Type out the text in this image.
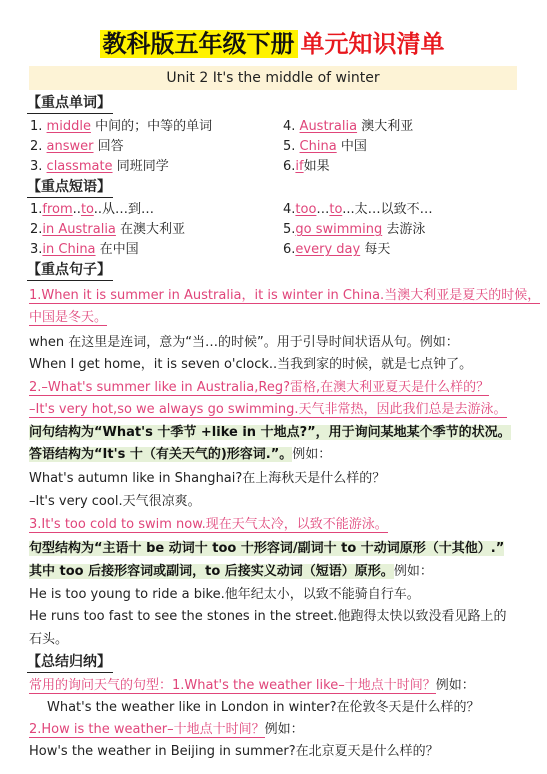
教科版五年级下册 单元知识清单
Unit 2 It's the middle of winter
【重点单词】
1. middle 中间的；中等的单词
2. answer 回答
3. classmate 同班同学
4. Australia 澳大利亚
5. China 中国
6.if如果
【重点短语】
1.from..to..从…到…
2.in Australia 在澳大利亚
3.in China 在中国
4.too…to...太…以致不…
5.go swimming 去游泳
6.every day 每天
【重点句子】
1.When it is summer in Australia，it is winter in China.当澳大利亚是夏天的时候，
中国是冬天。
when 在这里是连词，意为“当…的时候”。用于引导时间状语从句。例如：
When I get home，it is seven o'clock..当我到家的时候，就是七点钟了。
2.–What's summer like in Australia,Reg?雷格,在澳大利亚夏天是什么样的？
–It's very hot,so we always go swimming.天气非常热，因此我们总是去游泳。
问句结构为“What's 十季节 +like in 十地点?”，用于询问某地某个季节的状况。
答语结构为“It's 十（有关天气的)形容词.”。例如：
What's autumn like in Shanghai?在上海秋天是什么样的？
–It's very cool.天气很凉爽。
3.It's too cold to swim now.现在天气太冷，以致不能游泳。
句型结构为“主语十 be 动词十 too 十形容词/副词十 to 十动词原形（十其他）.”
其中 too 后接形容词或副词，to 后接实义动词（短语）原形。例如：
He is too young to ride a bike.他年纪太小，以致不能骑自行车。
He runs too fast to see the stones in the street.他跑得太快以致没看见路上的
石头。
【总结归纳】
常用的询问天气的句型：1.What's the weather like–十地点十时间？例如：
What's the weather like in London in winter?在伦敦冬天是什么样的？
2.How is the weather–十地点十时间？例如：
How's the weather in Beijing in summer?在北京夏天是什么样的？
